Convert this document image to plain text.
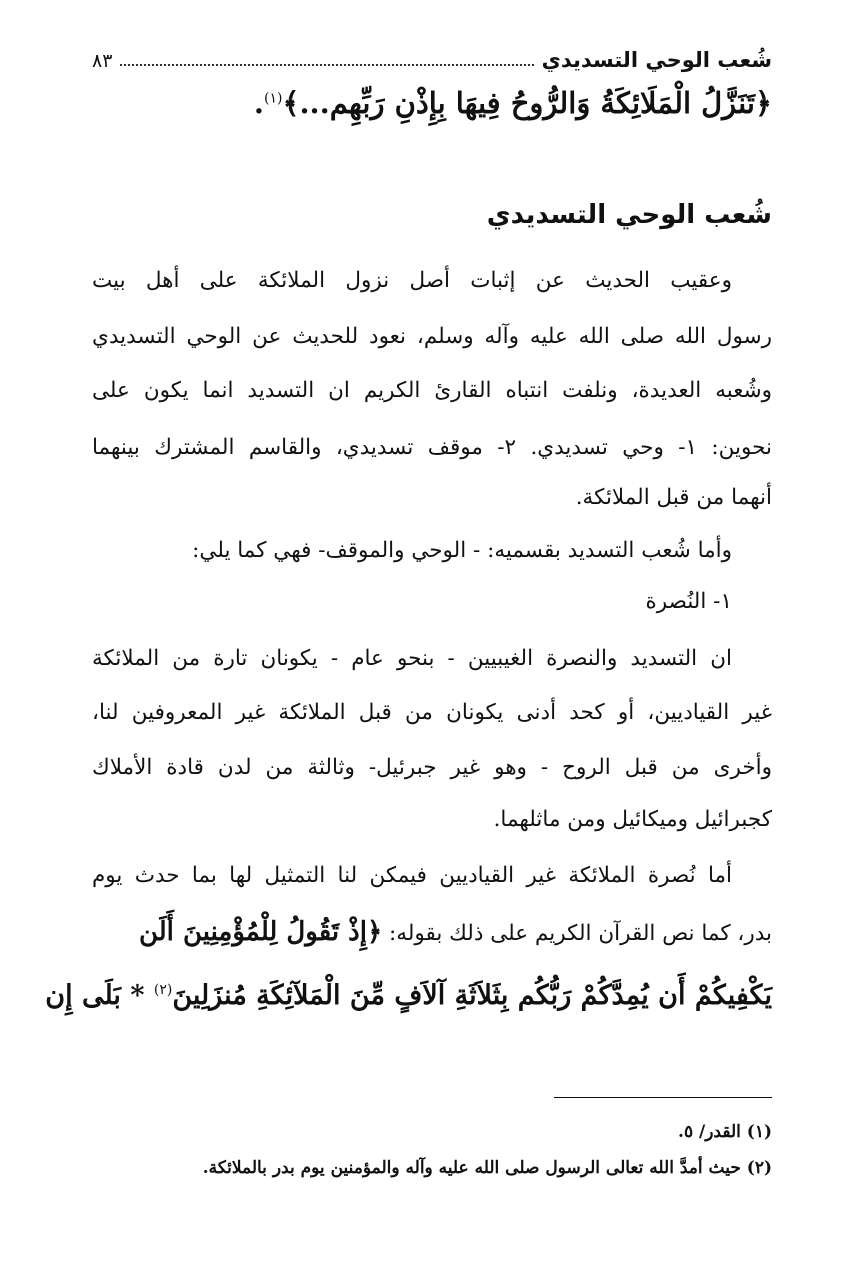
شُعب الوحي التسديدي
٨٣
﴿تَنَزَّلُ الْمَلَائِكَةُ وَالرُّوحُ فِيهَا بِإِذْنِ رَبِّهِم...﴾$^{(١)}$.
شُعب الوحي التسديدي
وعقيب الحديث عن إثبات أصل نزول الملائكة على أهل بيت
رسول الله صلى الله عليه وآله وسلم، نعود للحديث عن الوحي التسديدي
وشُعبه العديدة، ونلفت انتباه القارئ الكريم ان التسديد انما يكون على
نحوين: ١- وحي تسديدي. ٢- موقف تسديدي، والقاسم المشترك بينهما
أنهما من قبل الملائكة.
وأما شُعب التسديد بقسميه: - الوحي والموقف- فهي كما يلي:
١- النُصرة
ان التسديد والنصرة الغيبيين - بنحو عام - يكونان تارة من الملائكة
غير القياديين، أو كحد أدنى يكونان من قبل الملائكة غير المعروفين لنا،
وأخرى من قبل الروح - وهو غير جبرئيل- وثالثة من لدن قادة الأملاك
كجبرائيل وميكائيل ومن ماثلهما.
أما نُصرة الملائكة غير القياديين فيمكن لنا التمثيل لها بما حدث يوم
بدر، كما نص القرآن الكريم على ذلك بقوله: ﴿إِذْ تَقُولُ لِلْمُؤْمِنِينَ أَلَن
يَكْفِيكُمْ أَن يُمِدَّكُمْ رَبُّكُم بِثَلاَثَةِ آلاَفٍ مِّنَ الْمَلآئِكَةِ مُنزَلِينَ$^{(٢)}$ * بَلَى إِن
(١) القدر/ ٥.
(٢) حيث أمدَّ الله تعالى الرسول صلى الله عليه وآله والمؤمنين يوم بدر بالملائكة.
